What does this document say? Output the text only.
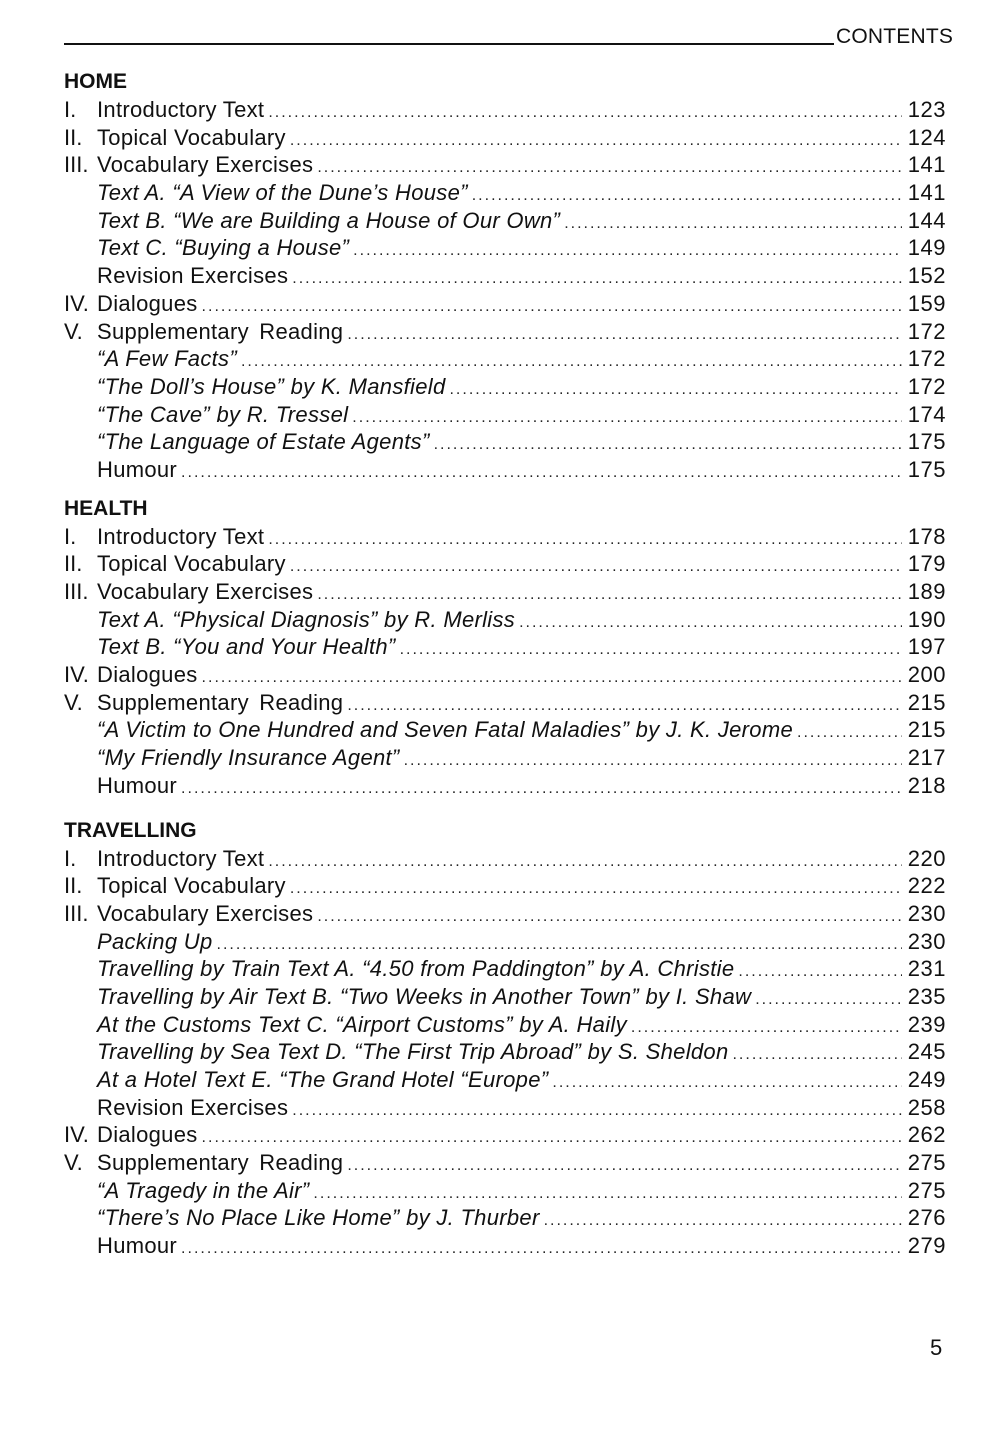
CONTENTS
HOME
I. Introductory Text .....	123
II. Topical Vocabulary .....	124
III. Vocabulary Exercises .....	141
Text A. “A View of the Dune’s House” .....	141
Text B. “We are Building a House of Our Own” .....	144
Text C. “Buying a House” .....	149
Revision Exercises .....	152
IV. Dialogues .....	159
V. Supplementary Reading .....	172
“A Few Facts” .....	172
“The Doll’s House” by K. Mansfield .....	172
“The Cave” by R. Tressel .....	174
“The Language of Estate Agents” .....	175
Humour .....	175
HEALTH
I. Introductory Text .....	178
II. Topical Vocabulary .....	179
III. Vocabulary Exercises .....	189
Text A. “Physical Diagnosis” by R. Merliss .....	190
Text B. “You and Your Health” .....	197
IV. Dialogues .....	200
V. Supplementary Reading .....	215
“A Victim to One Hundred and Seven Fatal Maladies” by J. K. Jerome .....	215
“My Friendly Insurance Agent” .....	217
Humour .....	218
TRAVELLING
I. Introductory Text .....	220
II. Topical Vocabulary .....	222
III. Vocabulary Exercises .....	230
Packing Up .....	230
Travelling by Train Text A. “4.50 from Paddington” by A. Christie .....	231
Travelling by Air Text B. “Two Weeks in Another Town” by I. Shaw .....	235
At the Customs Text C. “Airport Customs” by A. Haily .....	239
Travelling by Sea Text D. “The First Trip Abroad” by S. Sheldon .....	245
At a Hotel Text E. “The Grand Hotel “Europe” .....	249
Revision Exercises .....	258
IV. Dialogues .....	262
V. Supplementary Reading .....	275
“A Tragedy in the Air” .....	275
“There’s No Place Like Home” by J. Thurber .....	276
Humour .....	279
5
